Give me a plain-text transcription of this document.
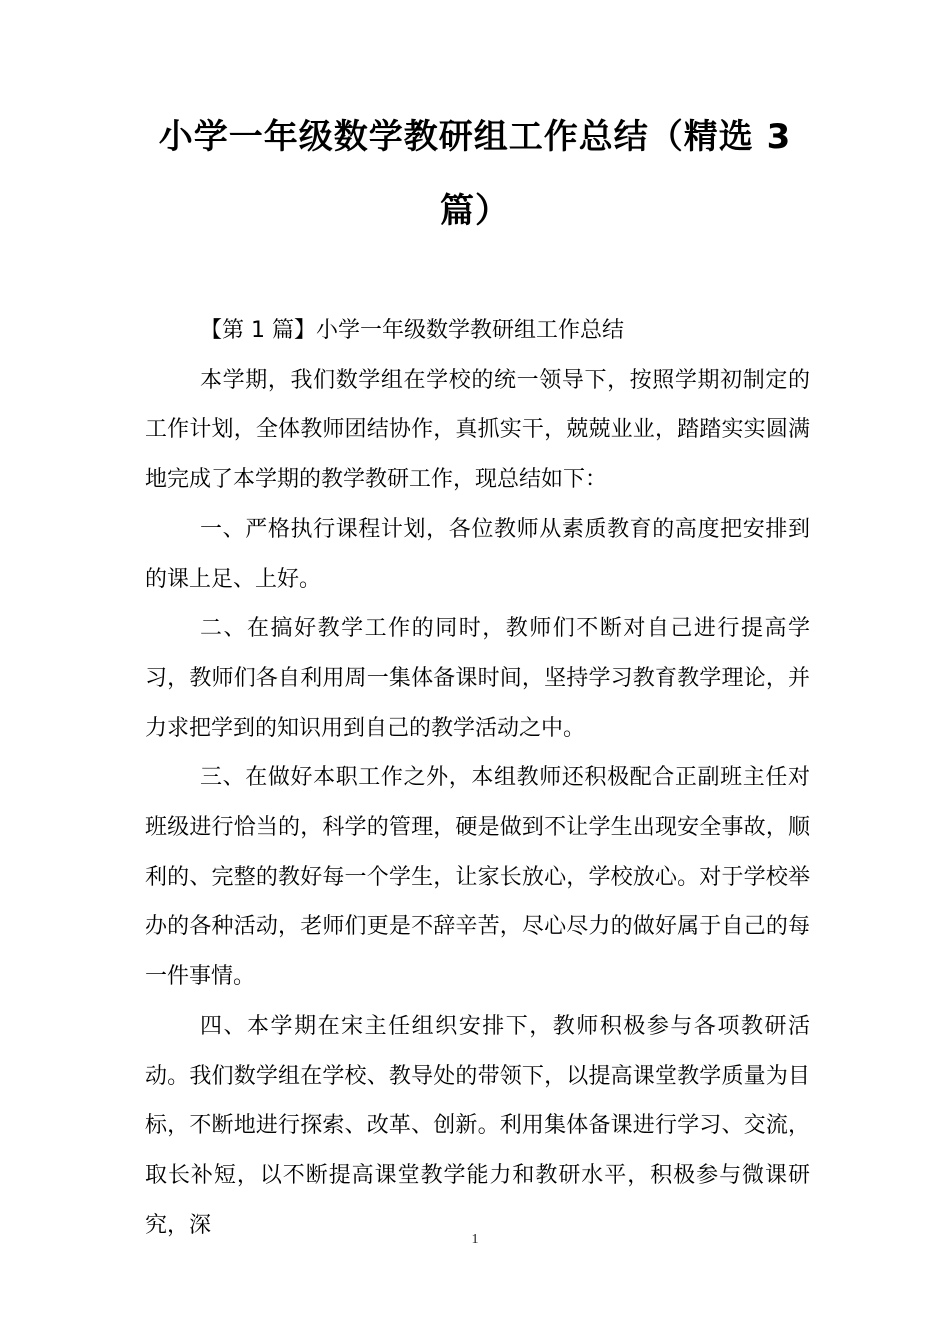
小学一年级数学教研组工作总结（精选 3
篇）

【第 1 篇】小学一年级数学教研组工作总结

本学期，我们数学组在学校的统一领导下，按照学期初制定的工作计划，全体教师团结协作，真抓实干，兢兢业业，踏踏实实圆满地完成了本学期的教学教研工作，现总结如下：

一、严格执行课程计划，各位教师从素质教育的高度把安排到的课上足、上好。

二、在搞好教学工作的同时，教师们不断对自己进行提高学习，教师们各自利用周一集体备课时间，坚持学习教育教学理论，并力求把学到的知识用到自己的教学活动之中。

三、在做好本职工作之外，本组教师还积极配合正副班主任对班级进行恰当的，科学的管理，硬是做到不让学生出现安全事故，顺利的、完整的教好每一个学生，让家长放心，学校放心。对于学校举办的各种活动，老师们更是不辞辛苦，尽心尽力的做好属于自己的每一件事情。

四、本学期在宋主任组织安排下，教师积极参与各项教研活动。我们数学组在学校、教导处的带领下，以提高课堂教学质量为目标，不断地进行探索、改革、创新。利用集体备课进行学习、交流，取长补短，以不断提高课堂教学能力和教研水平，积极参与微课研究，深

1
